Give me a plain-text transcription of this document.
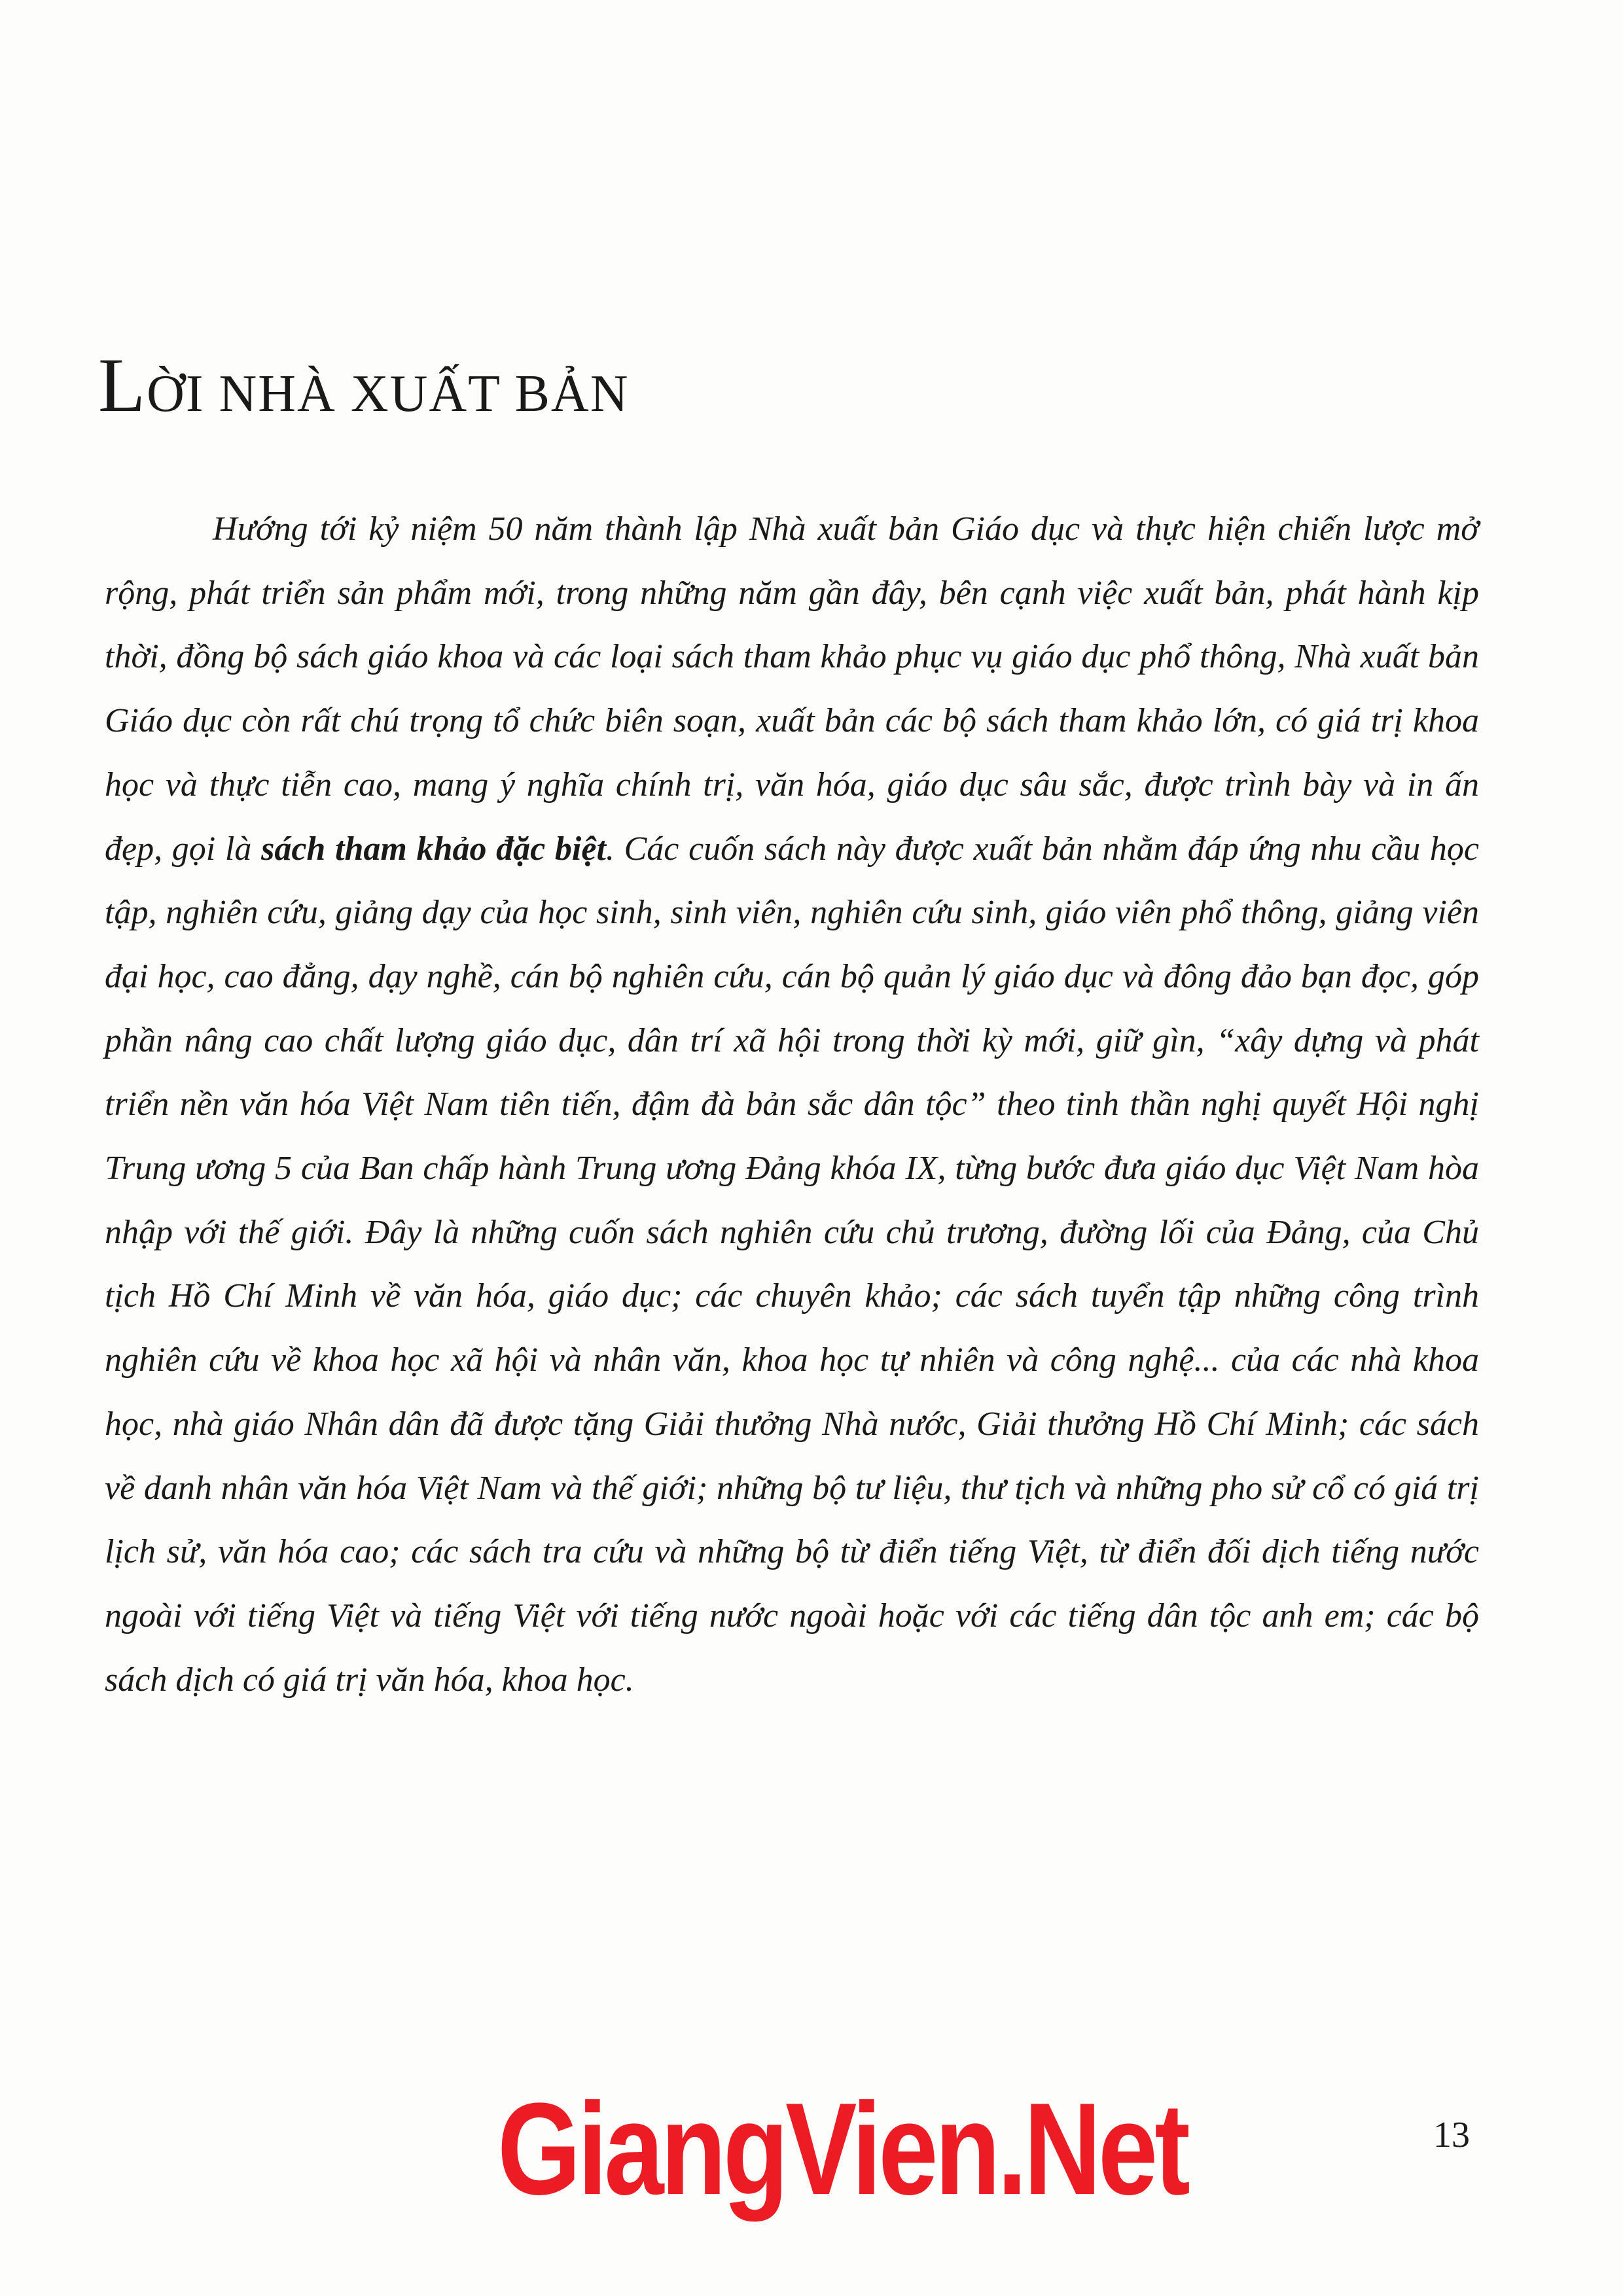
LỜI NHÀ XUẤT BẢN

Hướng tới kỷ niệm 50 năm thành lập Nhà xuất bản Giáo dục và thực hiện chiến lược mở rộng, phát triển sản phẩm mới, trong những năm gần đây, bên cạnh việc xuất bản, phát hành kịp thời, đồng bộ sách giáo khoa và các loại sách tham khảo phục vụ giáo dục phổ thông, Nhà xuất bản Giáo dục còn rất chú trọng tổ chức biên soạn, xuất bản các bộ sách tham khảo lớn, có giá trị khoa học và thực tiễn cao, mang ý nghĩa chính trị, văn hóa, giáo dục sâu sắc, được trình bày và in ấn đẹp, gọi là sách tham khảo đặc biệt. Các cuốn sách này được xuất bản nhằm đáp ứng nhu cầu học tập, nghiên cứu, giảng dạy của học sinh, sinh viên, nghiên cứu sinh, giáo viên phổ thông, giảng viên đại học, cao đẳng, dạy nghề, cán bộ nghiên cứu, cán bộ quản lý giáo dục và đông đảo bạn đọc, góp phần nâng cao chất lượng giáo dục, dân trí xã hội trong thời kỳ mới, giữ gìn, “xây dựng và phát triển nền văn hóa Việt Nam tiên tiến, đậm đà bản sắc dân tộc” theo tinh thần nghị quyết Hội nghị Trung ương 5 của Ban chấp hành Trung ương Đảng khóa IX, từng bước đưa giáo dục Việt Nam hòa nhập với thế giới. Đây là những cuốn sách nghiên cứu chủ trương, đường lối của Đảng, của Chủ tịch Hồ Chí Minh về văn hóa, giáo dục; các chuyên khảo; các sách tuyển tập những công trình nghiên cứu về khoa học xã hội và nhân văn, khoa học tự nhiên và công nghệ... của các nhà khoa học, nhà giáo Nhân dân đã được tặng Giải thưởng Nhà nước, Giải thưởng Hồ Chí Minh; các sách về danh nhân văn hóa Việt Nam và thế giới; những bộ tư liệu, thư tịch và những pho sử cổ có giá trị lịch sử, văn hóa cao; các sách tra cứu và những bộ từ điển tiếng Việt, từ điển đối dịch tiếng nước ngoài với tiếng Việt và tiếng Việt với tiếng nước ngoài hoặc với các tiếng dân tộc anh em; các bộ sách dịch có giá trị văn hóa, khoa học.

GiangVien.Net	13
